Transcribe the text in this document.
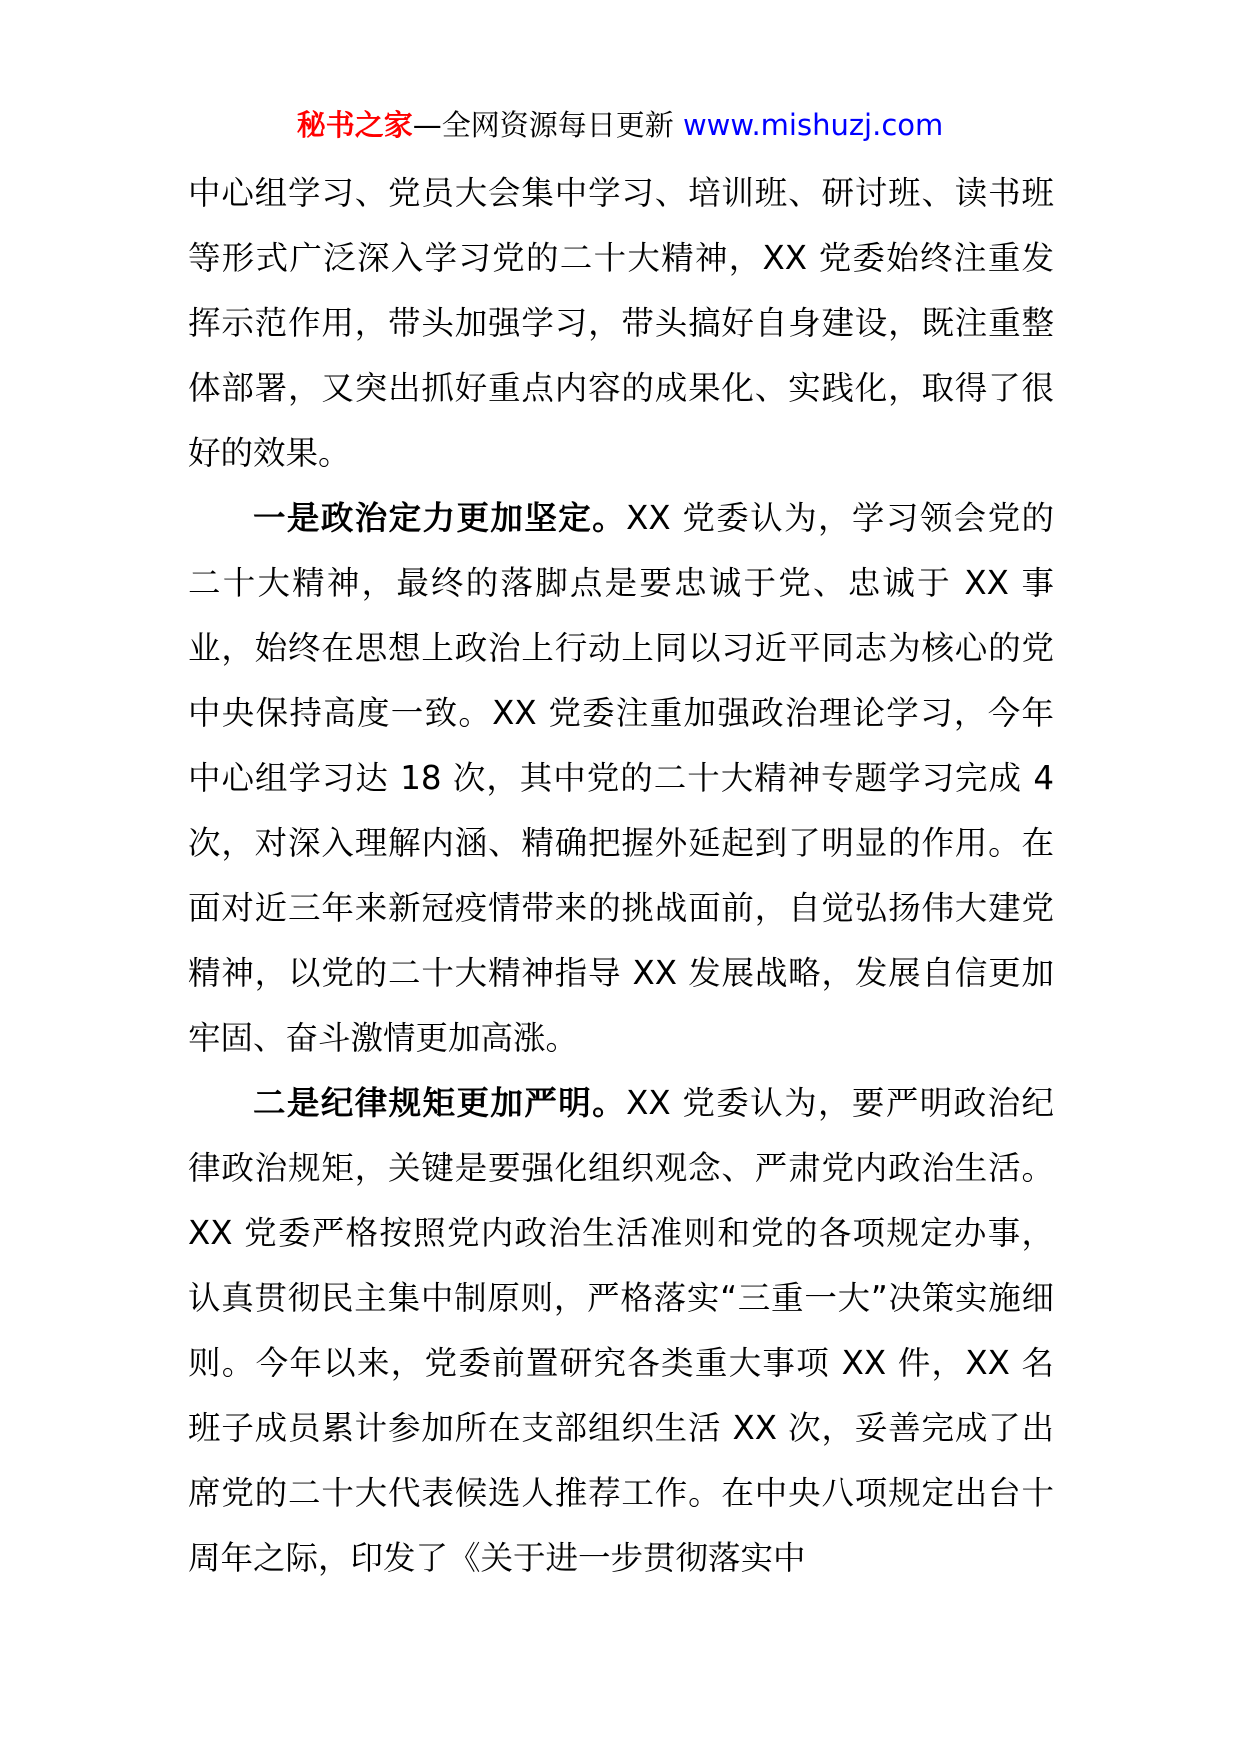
秘书之家—全网资源每日更新 www.mishuzj.com

中心组学习、党员大会集中学习、培训班、研讨班、读书班等形式广泛深入学习党的二十大精神，XX 党委始终注重发挥示范作用，带头加强学习，带头搞好自身建设，既注重整体部署，又突出抓好重点内容的成果化、实践化，取得了很好的效果。

一是政治定力更加坚定。XX 党委认为，学习领会党的二十大精神，最终的落脚点是要忠诚于党、忠诚于 XX 事业，始终在思想上政治上行动上同以习近平同志为核心的党中央保持高度一致。XX 党委注重加强政治理论学习，今年中心组学习达 18 次，其中党的二十大精神专题学习完成 4 次，对深入理解内涵、精确把握外延起到了明显的作用。在面对近三年来新冠疫情带来的挑战面前，自觉弘扬伟大建党精神，以党的二十大精神指导 XX 发展战略，发展自信更加牢固、奋斗激情更加高涨。

二是纪律规矩更加严明。XX 党委认为，要严明政治纪律政治规矩，关键是要强化组织观念、严肃党内政治生活。XX 党委严格按照党内政治生活准则和党的各项规定办事，认真贯彻民主集中制原则，严格落实“三重一大”决策实施细则。今年以来，党委前置研究各类重大事项 XX 件，XX 名班子成员累计参加所在支部组织生活 XX 次，妥善完成了出席党的二十大代表候选人推荐工作。在中央八项规定出台十周年之际，印发了《关于进一步贯彻落实中
